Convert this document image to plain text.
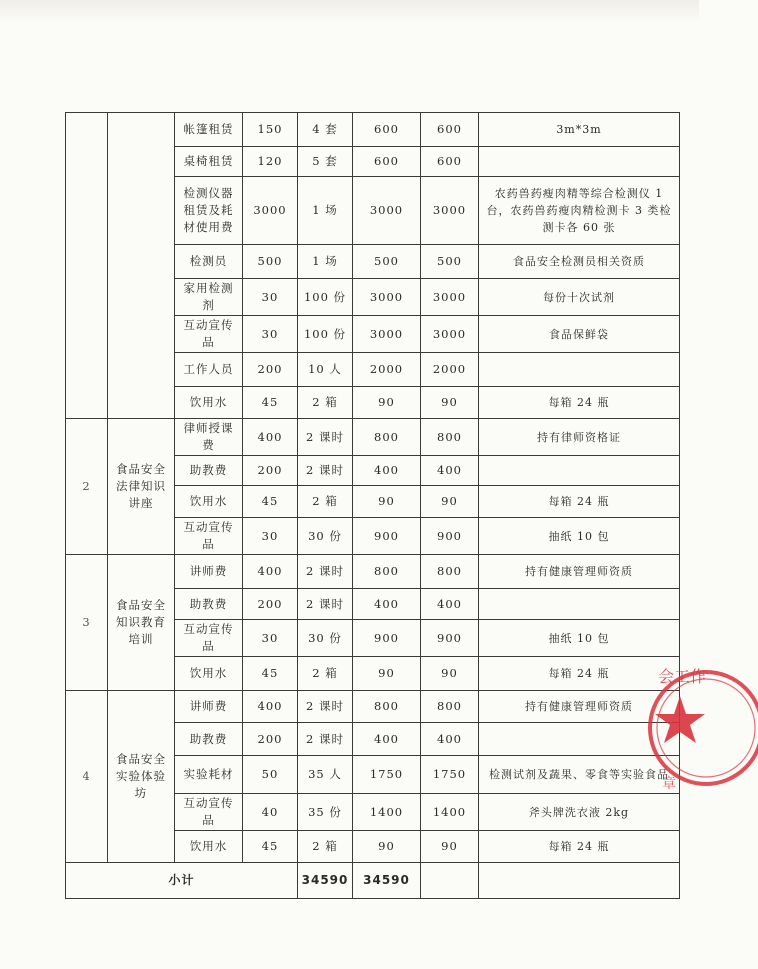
		帐篷租赁	150	4 套	600	600	3m*3m
		桌椅租赁	120	5 套	600	600	
		检测仪器租赁及耗材使用费	3000	1 场	3000	3000	农药兽药瘦肉精等综合检测仪 1 台，农药兽药瘦肉精检测卡 3 类检测卡各 60 张
		检测员	500	1 场	500	500	食品安全检测员相关资质
		家用检测剂	30	100 份	3000	3000	每份十次试剂
		互动宣传品	30	100 份	3000	3000	食品保鲜袋
		工作人员	200	10 人	2000	2000	
		饮用水	45	2 箱	90	90	每箱 24 瓶
2	食品安全法律知识讲座	律师授课费	400	2 课时	800	800	持有律师资格证
		助教费	200	2 课时	400	400	
		饮用水	45	2 箱	90	90	每箱 24 瓶
		互动宣传品	30	30 份	900	900	抽纸 10 包
3	食品安全知识教育培训	讲师费	400	2 课时	800	800	持有健康管理师资质
		助教费	200	2 课时	400	400	
		互动宣传品	30	30 份	900	900	抽纸 10 包
		饮用水	45	2 箱	90	90	每箱 24 瓶
4	食品安全实验体验坊	讲师费	400	2 课时	800	800	持有健康管理师资质
		助教费	200	2 课时	400	400	
		实验耗材	50	35 人	1750	1750	检测试剂及蔬果、零食等实验食品
		互动宣传品	40	35 份	1400	1400	斧头牌洗衣液 2kg
		饮用水	45	2 箱	90	90	每箱 24 瓶
小计				34590	34590		
会工作
章
